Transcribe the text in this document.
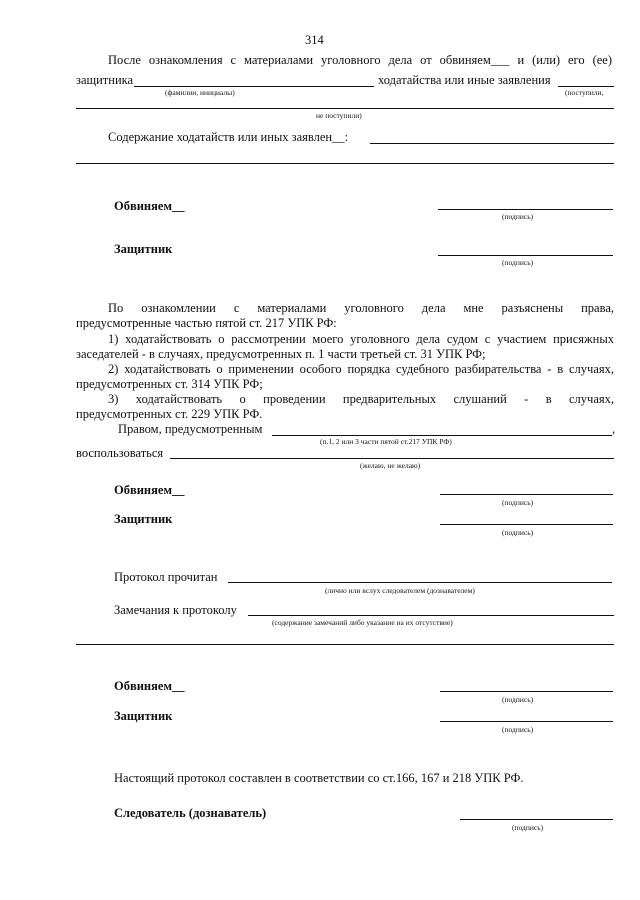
314
После ознакомления с материалами уголовного дела от обвиняем___ и (или) его (ее)
защитника	ходатайства или иные заявления
(фамилии, инициалы)	(поступили,
не поступили)
Содержание ходатайств или иных заявлен__:
Обвиняем__
(подпись)
Защитник
(подпись)
По ознакомлении с материалами уголовного дела мне разъяснены права,
предусмотренные частью пятой ст. 217 УПК РФ:
1) ходатайствовать о рассмотрении моего уголовного дела судом с участием присяжных
заседателей - в случаях, предусмотренных п. 1 части третьей ст. 31 УПК РФ;
2) ходатайствовать о применении особого порядка судебного разбирательства - в случаях,
предусмотренных ст. 314 УПК РФ;
3) ходатайствовать о проведении предварительных слушаний - в случаях,
предусмотренных ст. 229 УПК РФ.
Правом, предусмотренным	,
(п.1, 2 или 3 части пятой ст.217 УПК РФ)
воспользоваться
(желаю, не желаю)
Обвиняем__
(подпись)
Защитник
(подпись)
Протокол прочитан
(лично или вслух следователем (дознавателем)
Замечания к протоколу
(содержание замечаний либо указание на их отсутствие)
Обвиняем__
(подпись)
Защитник
(подпись)
Настоящий протокол составлен в соответствии со ст.166, 167 и 218 УПК РФ.
Следователь (дознаватель)
(подпись)
